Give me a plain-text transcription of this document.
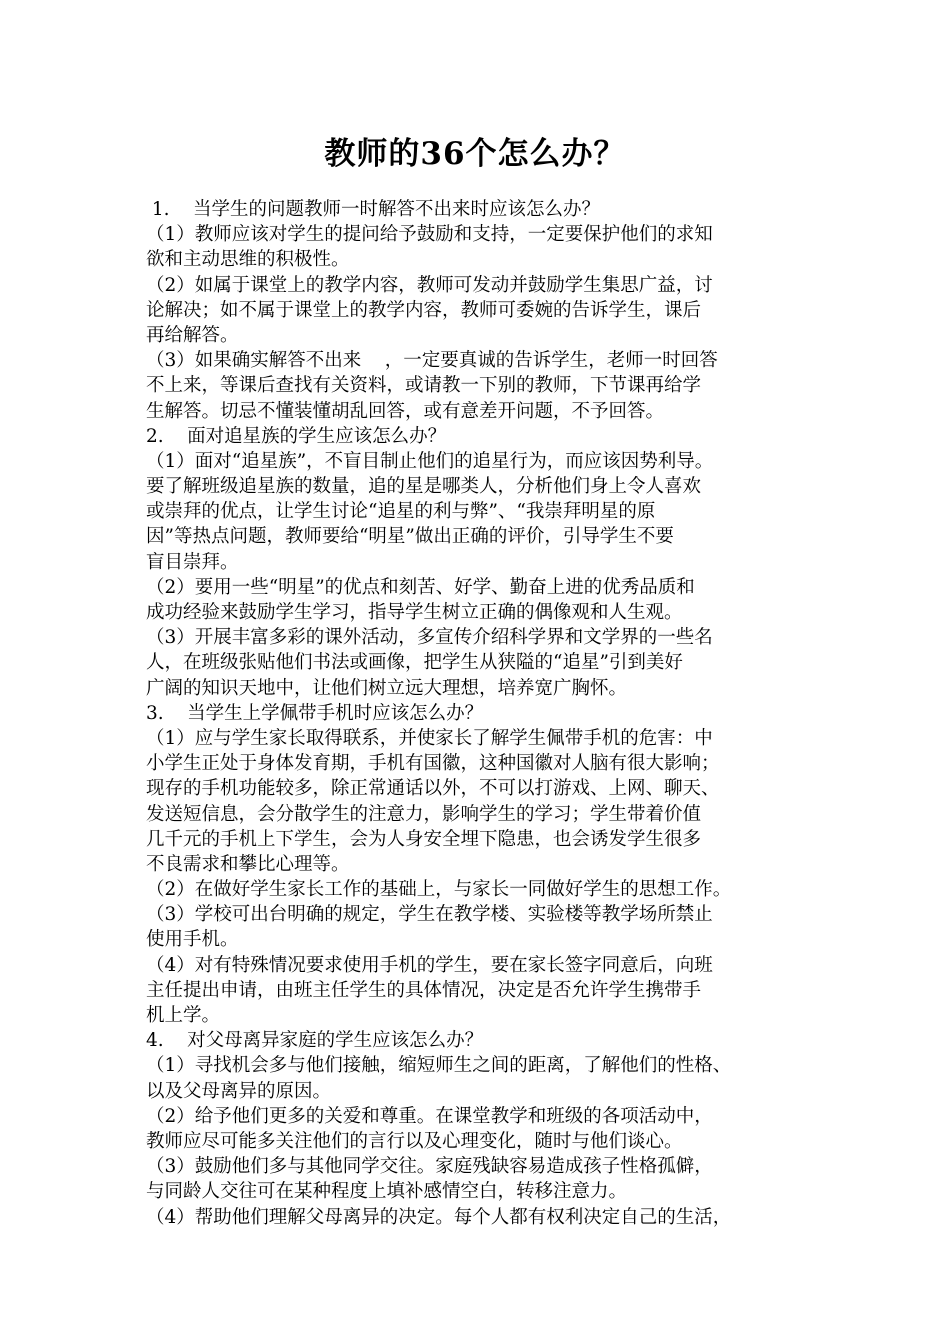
教师的36个怎么办？
1.    当学生的问题教师一时解答不出来时应该怎么办？
（1）教师应该对学生的提问给予鼓励和支持，一定要保护他们的求知
欲和主动思维的积极性。
（2）如属于课堂上的教学内容，教师可发动并鼓励学生集思广益，讨
论解决；如不属于课堂上的教学内容，教师可委婉的告诉学生，课后
再给解答。
（3）如果确实解答不出来    ，一定要真诚的告诉学生，老师一时回答
不上来，等课后查找有关资料，或请教一下别的教师，下节课再给学
生解答。切忌不懂装懂胡乱回答，或有意差开问题，不予回答。
2.    面对追星族的学生应该怎么办？
（1）面对“追星族”，不盲目制止他们的追星行为，而应该因势利导。
要了解班级追星族的数量，追的星是哪类人，分析他们身上令人喜欢
或崇拜的优点，让学生讨论“追星的利与弊”、“我崇拜明星的原
因”等热点问题，教师要给“明星”做出正确的评价，引导学生不要
盲目崇拜。
（2）要用一些“明星”的优点和刻苦、好学、勤奋上进的优秀品质和
成功经验来鼓励学生学习，指导学生树立正确的偶像观和人生观。
（3）开展丰富多彩的课外活动，多宣传介绍科学界和文学界的一些名
人，在班级张贴他们书法或画像，把学生从狭隘的“追星”引到美好
广阔的知识天地中，让他们树立远大理想，培养宽广胸怀。
3.    当学生上学佩带手机时应该怎么办？
（1）应与学生家长取得联系，并使家长了解学生佩带手机的危害：中
小学生正处于身体发育期，手机有国徽，这种国徽对人脑有很大影响；
现存的手机功能较多，除正常通话以外，不可以打游戏、上网、聊天、
发送短信息，会分散学生的注意力，影响学生的学习；学生带着价值
几千元的手机上下学生，会为人身安全埋下隐患，也会诱发学生很多
不良需求和攀比心理等。
（2）在做好学生家长工作的基础上，与家长一同做好学生的思想工作。
（3）学校可出台明确的规定，学生在教学楼、实验楼等教学场所禁止
使用手机。
（4）对有特殊情况要求使用手机的学生，要在家长签字同意后，向班
主任提出申请，由班主任学生的具体情况，决定是否允许学生携带手
机上学。
4.    对父母离异家庭的学生应该怎么办？
（1）寻找机会多与他们接触，缩短师生之间的距离，了解他们的性格、
以及父母离异的原因。
（2）给予他们更多的关爱和尊重。在课堂教学和班级的各项活动中，
教师应尽可能多关注他们的言行以及心理变化，随时与他们谈心。
（3）鼓励他们多与其他同学交往。家庭残缺容易造成孩子性格孤僻，
与同龄人交往可在某种程度上填补感情空白，转移注意力。
（4）帮助他们理解父母离异的决定。每个人都有权利决定自己的生活，
